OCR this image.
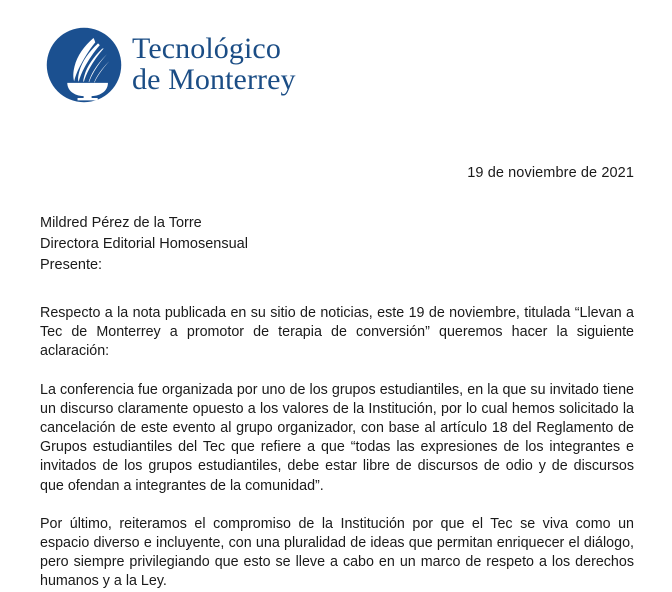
Tecnológico
de Monterrey
19 de noviembre de 2021
Mildred Pérez de la Torre
Directora Editorial Homosensual
Presente:

Respecto a la nota publicada en su sitio de noticias, este 19 de noviembre, titulada “Llevan a Tec de Monterrey a promotor de terapia de conversión” queremos hacer la siguiente aclaración:

La conferencia fue organizada por uno de los grupos estudiantiles, en la que su invitado tiene un discurso claramente opuesto a los valores de la Institución, por lo cual hemos solicitado la cancelación de este evento al grupo organizador, con base al artículo 18 del Reglamento de Grupos estudiantiles del Tec que refiere a que “todas las expresiones de los integrantes e invitados de los grupos estudiantiles, debe estar libre de discursos de odio y de discursos que ofendan a integrantes de la comunidad”.

Por último, reiteramos el compromiso de la Institución por que el Tec se viva como un espacio diverso e incluyente, con una pluralidad de ideas que permitan enriquecer el diálogo, pero siempre privilegiando que esto se lleve a cabo en un marco de respeto a los derechos humanos y a la Ley.
